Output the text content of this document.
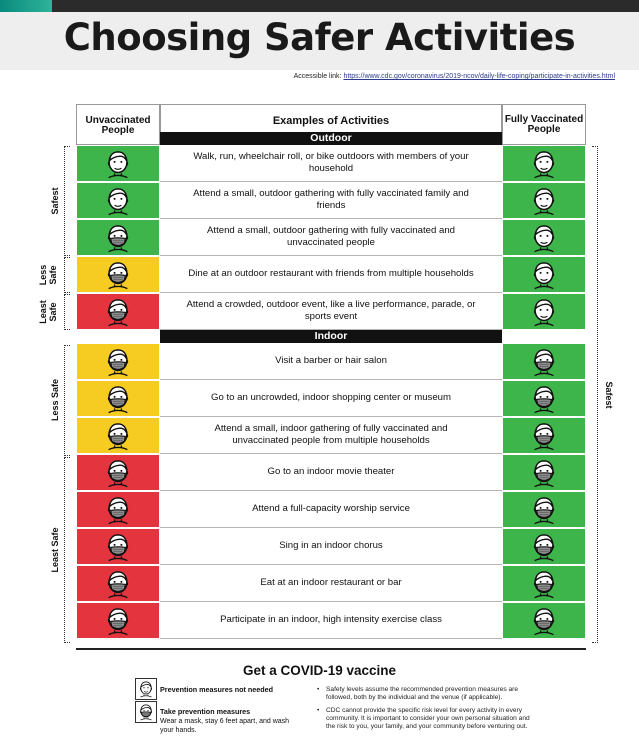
Choosing Safer Activities
Accessible link: https://www.cdc.gov/coronavirus/2019-ncov/daily-life-coping/participate-in-activities.html
Unvaccinated People
Examples of Activities	Fully Vaccinated People
Outdoor
Walk, run, wheelchair roll, or bike outdoors with members of your household
Attend a small, outdoor gathering with fully vaccinated family and friends
Attend a small, outdoor gathering with fully vaccinated and unvaccinated people
Dine at an outdoor restaurant with friends from multiple households
Attend a crowded, outdoor event, like a live performance, parade, or sports event
Indoor
Visit a barber or hair salon
Go to an uncrowded, indoor shopping center or museum
Attend a small, indoor gathering of fully vaccinated and unvaccinated people from multiple households
Go to an indoor movie theater
Attend a full-capacity worship service
Sing in an indoor chorus
Eat at an indoor restaurant or bar
Participate in an indoor, high intensity exercise class
Safest
Less Safe
Least Safe
Less Safe
Least Safe
Safest
Get a COVID-19 vaccine
Prevention measures not needed
Take prevention measures
Wear a mask, stay 6 feet apart, and wash your hands.
• Safety levels assume the recommended prevention measures are followed, both by the individual and the venue (if applicable).
• CDC cannot provide the specific risk level for every activity in every community. It is important to consider your own personal situation and the risk to you, your family, and your community before venturing out.
